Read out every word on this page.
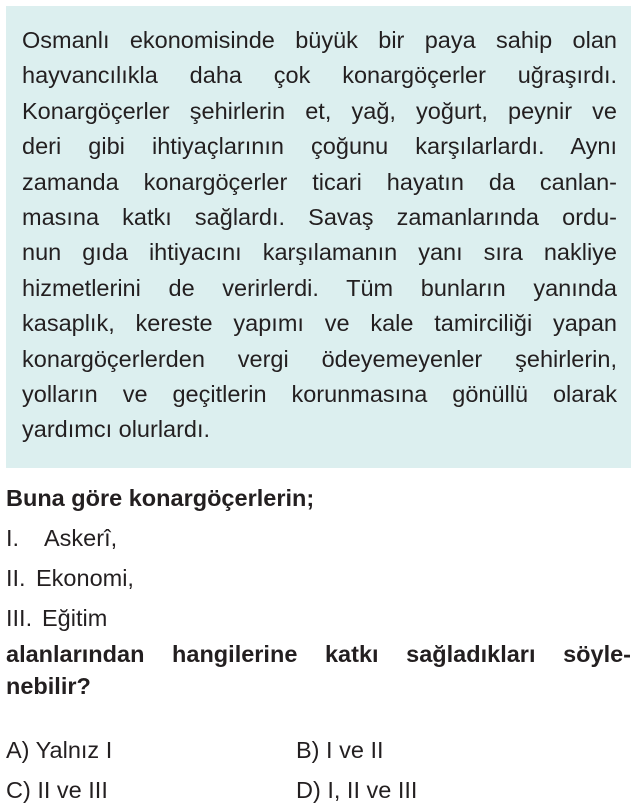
Osmanlı ekonomisinde büyük bir paya sahip olan
hayvancılıkla daha çok konargöçerler uğraşırdı.
Konargöçerler şehirlerin et, yağ, yoğurt, peynir ve
deri gibi ihtiyaçlarının çoğunu karşılarlardı. Aynı
zamanda konargöçerler ticari hayatın da canlan-
masına katkı sağlardı. Savaş zamanlarında ordu-
nun gıda ihtiyacını karşılamanın yanı sıra nakliye
hizmetlerini de verirlerdi. Tüm bunların yanında
kasaplık, kereste yapımı ve kale tamirciliği yapan
konargöçerlerden vergi ödeyemeyenler şehirlerin,
yolların ve geçitlerin korunmasına gönüllü olarak
yardımcı olurlardı.
Buna göre konargöçerlerin;
I. Askerî,
II. Ekonomi,
III. Eğitim
alanlarından hangilerine katkı sağladıkları söyle-
nebilir?
A) Yalnız I	B) I ve II
C) II ve III	D) I, II ve III
